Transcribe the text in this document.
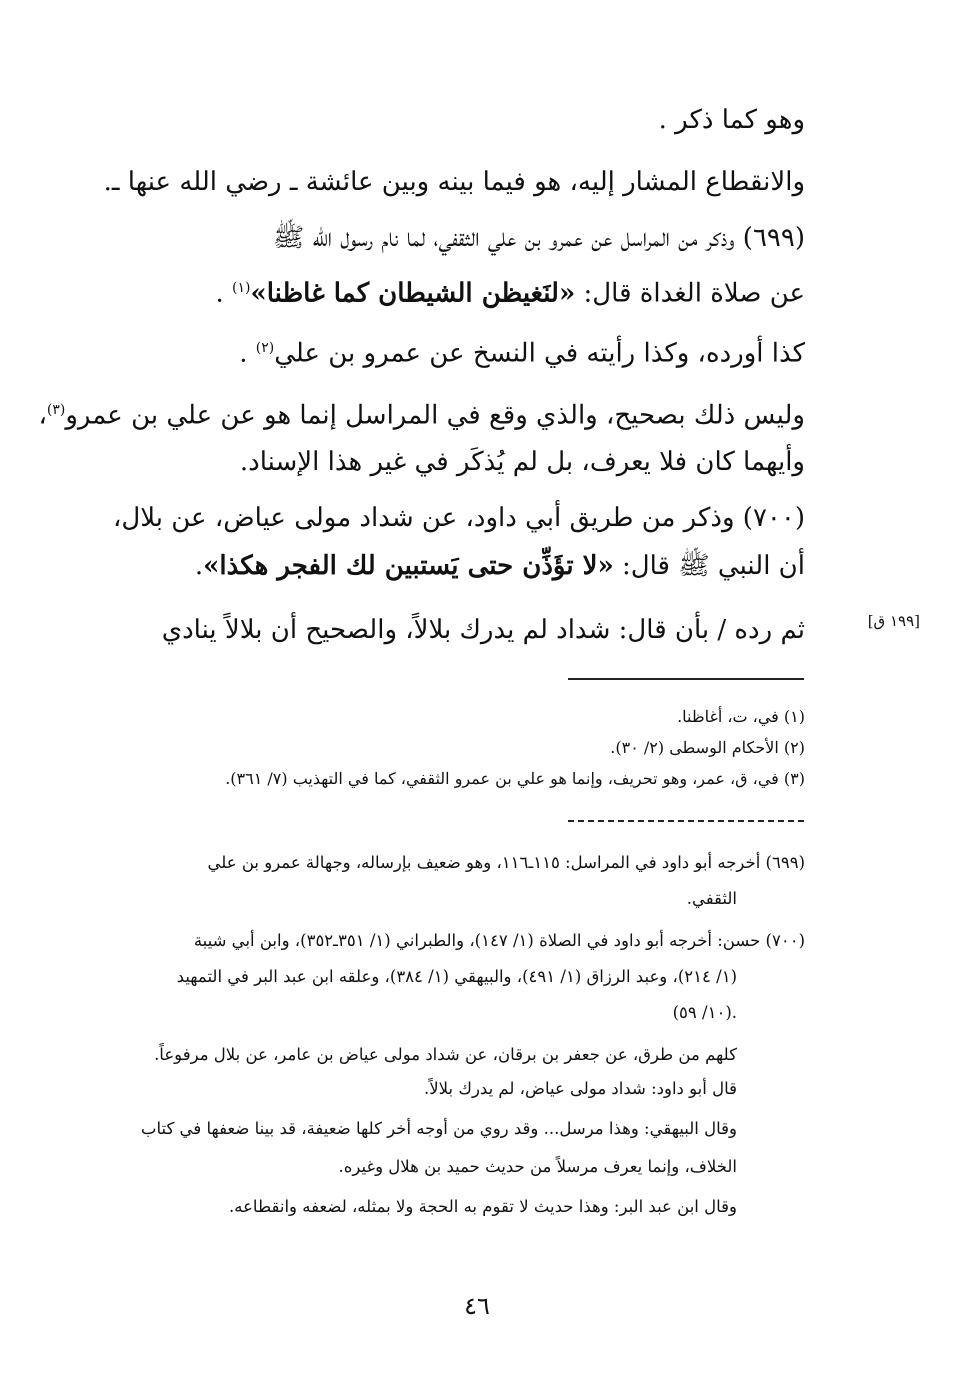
وهو كما ذكر .
والانقطاع المشار إليه، هو فيما بينه وبين عائشة ـ رضي الله عنها ـ.
(٦٩٩) وذكر من المراسل عن عمرو بن علي الثقفي، لما نام رسول الله ﷺ
عن صلاة الغداة قال: «لنَغيظن الشيطان كما غاظنا»$^{(١)}$ .
كذا أورده، وكذا رأيته في النسخ عن عمرو بن علي$^{(٢)}$ .
وليس ذلك بصحيح، والذي وقع في المراسل إنما هو عن علي بن عمرو$^{(٣)}$،
وأيهما كان فلا يعرف، بل لم يُذكَر في غير هذا الإسناد.
(٧٠٠) وذكر من طريق أبي داود، عن شداد مولى عياض، عن بلال،
أن النبي ﷺ قال: «لا تؤَذِّن حتى يَستبين لك الفجر هكذا».
ثم رده / بأن قال: شداد لم يدرك بلالاً، والصحيح أن بلالاً ينادي	[١٩٩ ق]
(١) في، ت، أغاظنا.
(٢) الأحكام الوسطى (٢/ ٣٠).
(٣) في، ق، عمر، وهو تحريف، وإنما هو علي بن عمرو الثقفي، كما في التهذيب (٧/ ٣٦١).
(٦٩٩) أخرجه أبو داود في المراسل: ١١٥ـ١١٦، وهو ضعيف بإرساله، وجهالة عمرو بن علي
الثقفي.
(٧٠٠) حسن: أخرجه أبو داود في الصلاة (١/ ١٤٧)، والطبراني (١/ ٣٥١ـ٣٥٢)، وابن أبي شيبة
(١/ ٢١٤)، وعبد الرزاق (١/ ٤٩١)، والبيهقي (١/ ٣٨٤)، وعلقه ابن عبد البر في التمهيد
(١٠/ ٥٩).
كلهم من طرق، عن جعفر بن برقان، عن شداد مولى عياض بن عامر، عن بلال مرفوعاً.
قال أبو داود: شداد مولى عياض، لم يدرك بلالاً.
وقال البيهقي: وهذا مرسل... وقد روي من أوجه أخر كلها ضعيفة، قد بينا ضعفها في كتاب
الخلاف، وإنما يعرف مرسلاً من حديث حميد بن هلال وغيره.
وقال ابن عبد البر: وهذا حديث لا تقوم به الحجة ولا بمثله، لضعفه وانقطاعه.
٤٦
